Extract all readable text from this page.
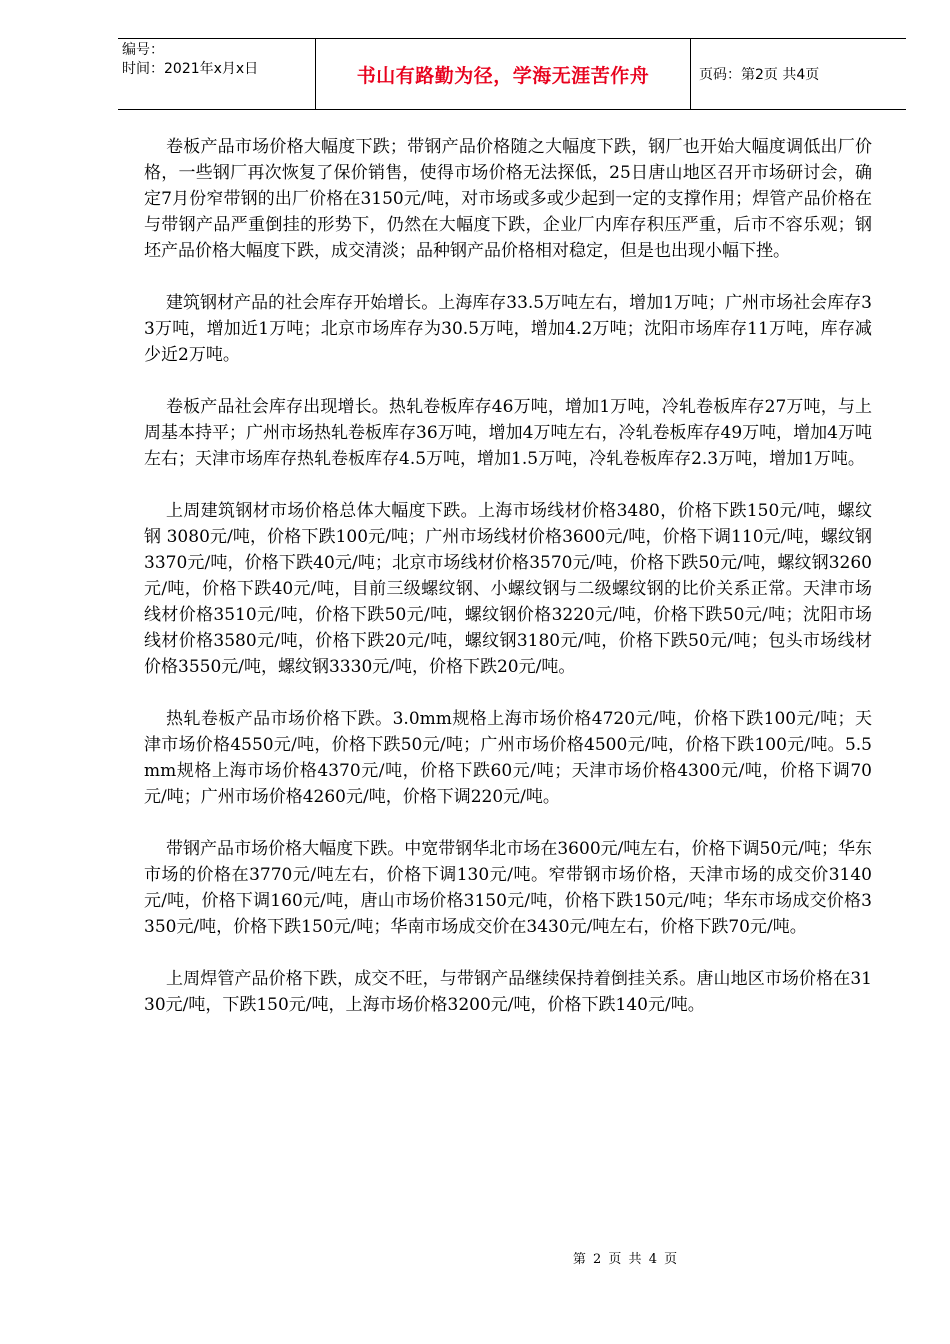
编号：
时间：2021年x月x日	书山有路勤为径，学海无涯苦作舟	页码：第2页 共4页

卷板产品市场价格大幅度下跌；带钢产品价格随之大幅度下跌，钢厂也开始大幅度调低出厂价格，一些钢厂再次恢复了保价销售，使得市场价格无法探低，25日唐山地区召开市场研讨会，确定7月份窄带钢的出厂价格在3150元/吨，对市场或多或少起到一定的支撑作用；焊管产品价格在与带钢产品严重倒挂的形势下，仍然在大幅度下跌，企业厂内库存积压严重，后市不容乐观；钢坯产品价格大幅度下跌，成交清淡；品种钢产品价格相对稳定，但是也出现小幅下挫。

建筑钢材产品的社会库存开始增长。上海库存33.5万吨左右，增加1万吨；广州市场社会库存33万吨，增加近1万吨；北京市场库存为30.5万吨，增加4.2万吨；沈阳市场库存11万吨，库存减少近2万吨。

卷板产品社会库存出现增长。热轧卷板库存46万吨，增加1万吨，冷轧卷板库存27万吨，与上周基本持平；广州市场热轧卷板库存36万吨，增加4万吨左右，冷轧卷板库存49万吨，增加4万吨左右；天津市场库存热轧卷板库存4.5万吨，增加1.5万吨，冷轧卷板库存2.3万吨，增加1万吨。

上周建筑钢材市场价格总体大幅度下跌。上海市场线材价格3480，价格下跌150元/吨，螺纹钢 3080元/吨，价格下跌100元/吨；广州市场线材价格3600元/吨，价格下调110元/吨，螺纹钢3370元/吨，价格下跌40元/吨；北京市场线材价格3570元/吨，价格下跌50元/吨，螺纹钢3260元/吨，价格下跌40元/吨，目前三级螺纹钢、小螺纹钢与二级螺纹钢的比价关系正常。天津市场线材价格3510元/吨，价格下跌50元/吨，螺纹钢价格3220元/吨，价格下跌50元/吨；沈阳市场线材价格3580元/吨，价格下跌20元/吨，螺纹钢3180元/吨，价格下跌50元/吨；包头市场线材价格3550元/吨，螺纹钢3330元/吨，价格下跌20元/吨。

热轧卷板产品市场价格下跌。3.0mm规格上海市场价格4720元/吨，价格下跌100元/吨；天津市场价格4550元/吨，价格下跌50元/吨；广州市场价格4500元/吨，价格下跌100元/吨。5.5mm规格上海市场价格4370元/吨，价格下跌60元/吨；天津市场价格4300元/吨，价格下调70元/吨；广州市场价格4260元/吨，价格下调220元/吨。

带钢产品市场价格大幅度下跌。中宽带钢华北市场在3600元/吨左右，价格下调50元/吨；华东市场的价格在3770元/吨左右，价格下调130元/吨。窄带钢市场价格，天津市场的成交价3140元/吨，价格下调160元/吨，唐山市场价格3150元/吨，价格下跌150元/吨；华东市场成交价格3350元/吨，价格下跌150元/吨；华南市场成交价在3430元/吨左右，价格下跌70元/吨。

上周焊管产品价格下跌，成交不旺，与带钢产品继续保持着倒挂关系。唐山地区市场价格在3130元/吨，下跌150元/吨，上海市场价格3200元/吨，价格下跌140元/吨。

第 2 页 共 4 页
